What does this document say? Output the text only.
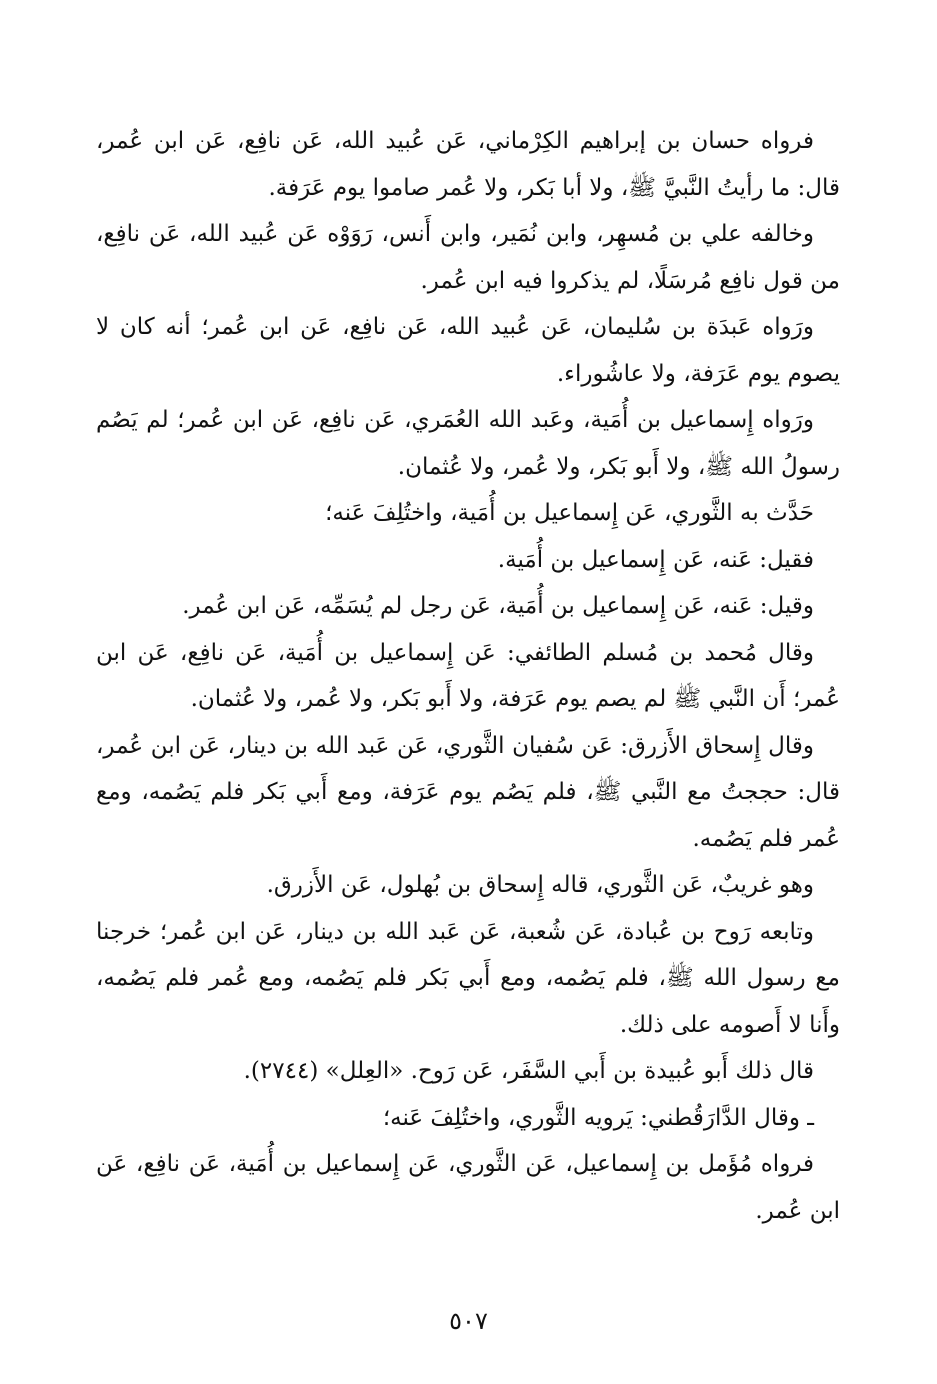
فرواه حسان بن إبراهيم الكِرْماني، عَن عُبيد الله، عَن نافِع، عَن ابن عُمر، قال: ما رأيتُ النَّبيَّ ﷺ، ولا أبا بَكر، ولا عُمر صاموا يوم عَرَفة.

وخالفه علي بن مُسهِر، وابن نُمَير، وابن أَنس، رَوَوْه عَن عُبيد الله، عَن نافِع، من قول نافِع مُرسَلًا، لم يذكروا فيه ابن عُمر.

ورَواه عَبدَة بن سُليمان، عَن عُبيد الله، عَن نافِع، عَن ابن عُمر؛ أنه كان لا يصوم يوم عَرَفة، ولا عاشُوراء.

ورَواه إِسماعيل بن أُمَية، وعَبد الله العُمَري، عَن نافِع، عَن ابن عُمر؛ لم يَصُم رسولُ الله ﷺ، ولا أَبو بَكر، ولا عُمر، ولا عُثمان.

حَدَّث به الثَّوري، عَن إِسماعيل بن أُمَية، واختُلِفَ عَنه؛

فقيل: عَنه، عَن إِسماعيل بن أُمَية.

وقيل: عَنه، عَن إِسماعيل بن أُمَية، عَن رجل لم يُسَمِّه، عَن ابن عُمر.

وقال مُحمد بن مُسلم الطائفي: عَن إِسماعيل بن أُمَية، عَن نافِع، عَن ابن عُمر؛ أَن النَّبي ﷺ لم يصم يوم عَرَفة، ولا أَبو بَكر، ولا عُمر، ولا عُثمان.

وقال إِسحاق الأَزرق: عَن سُفيان الثَّوري، عَن عَبد الله بن دينار، عَن ابن عُمر، قال: حججتُ مع النَّبي ﷺ، فلم يَصُم يوم عَرَفة، ومع أَبي بَكر فلم يَصُمه، ومع عُمر فلم يَصُمه.

وهو غريبٌ، عَن الثَّوري، قاله إِسحاق بن بُهلول، عَن الأَزرق.

وتابعه رَوح بن عُبادة، عَن شُعبة، عَن عَبد الله بن دينار، عَن ابن عُمر؛ خرجنا مع رسول الله ﷺ، فلم يَصُمه، ومع أَبي بَكر فلم يَصُمه، ومع عُمر فلم يَصُمه، وأَنا لا أَصومه على ذلك.

قال ذلك أَبو عُبيدة بن أَبي السَّفَر، عَن رَوح. «العِلل» (٢٧٤٤).

ـ وقال الدَّارَقُطني: يَرويه الثَّوري، واختُلِفَ عَنه؛

فرواه مُؤَمل بن إِسماعيل، عَن الثَّوري، عَن إِسماعيل بن أُمَية، عَن نافِع، عَن ابن عُمر.

٥٠٧
